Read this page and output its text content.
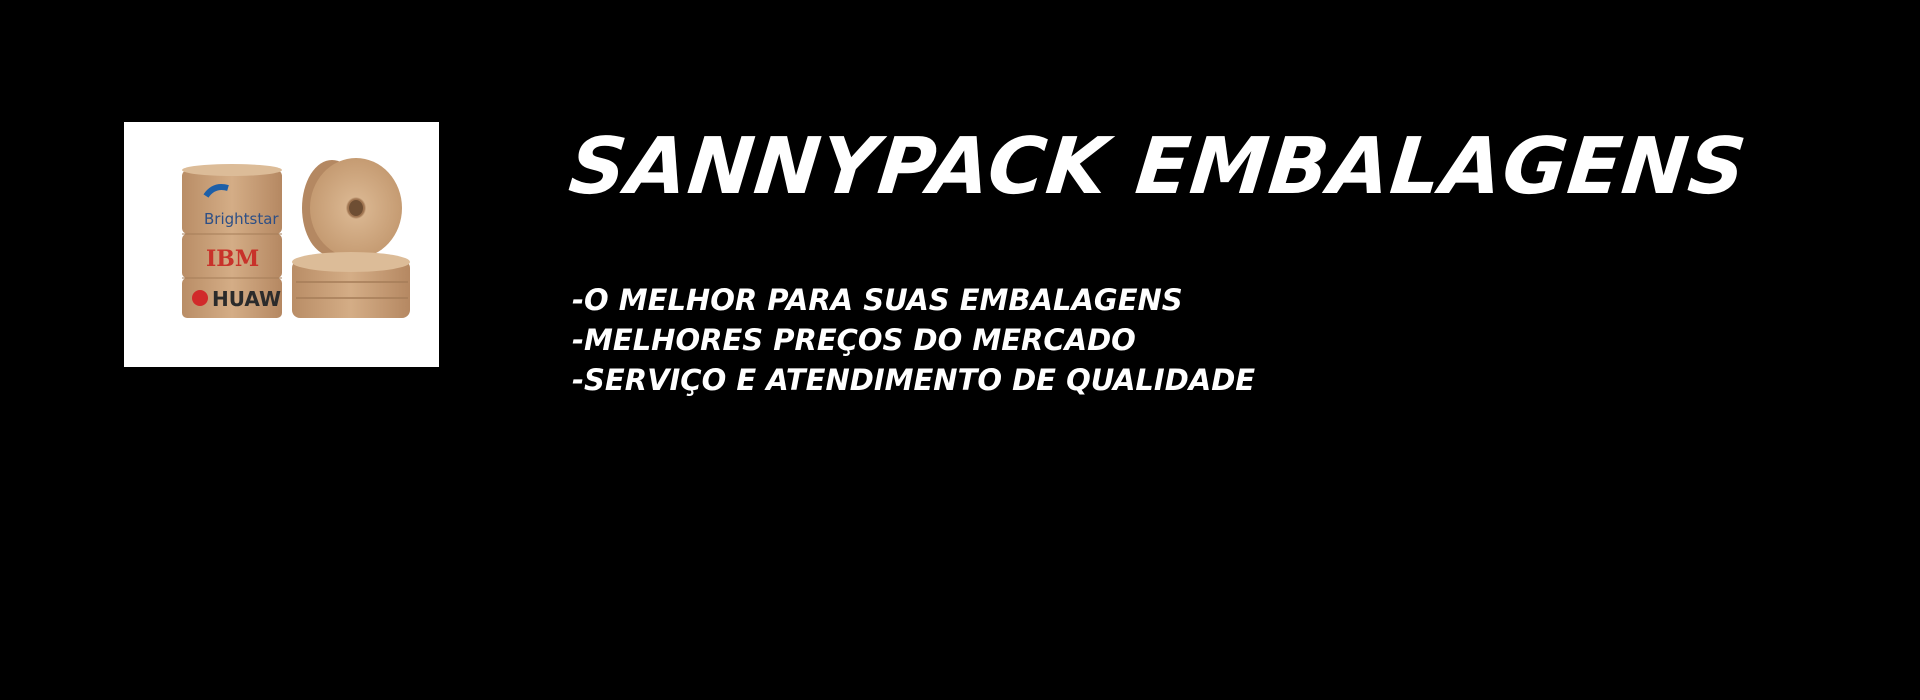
Brightstar
IBM
HUAW
SANNYPACK EMBALAGENS
-O MELHOR PARA SUAS EMBALAGENS
-MELHORES PREÇOS DO MERCADO
-SERVIÇO E ATENDIMENTO DE QUALIDADE
